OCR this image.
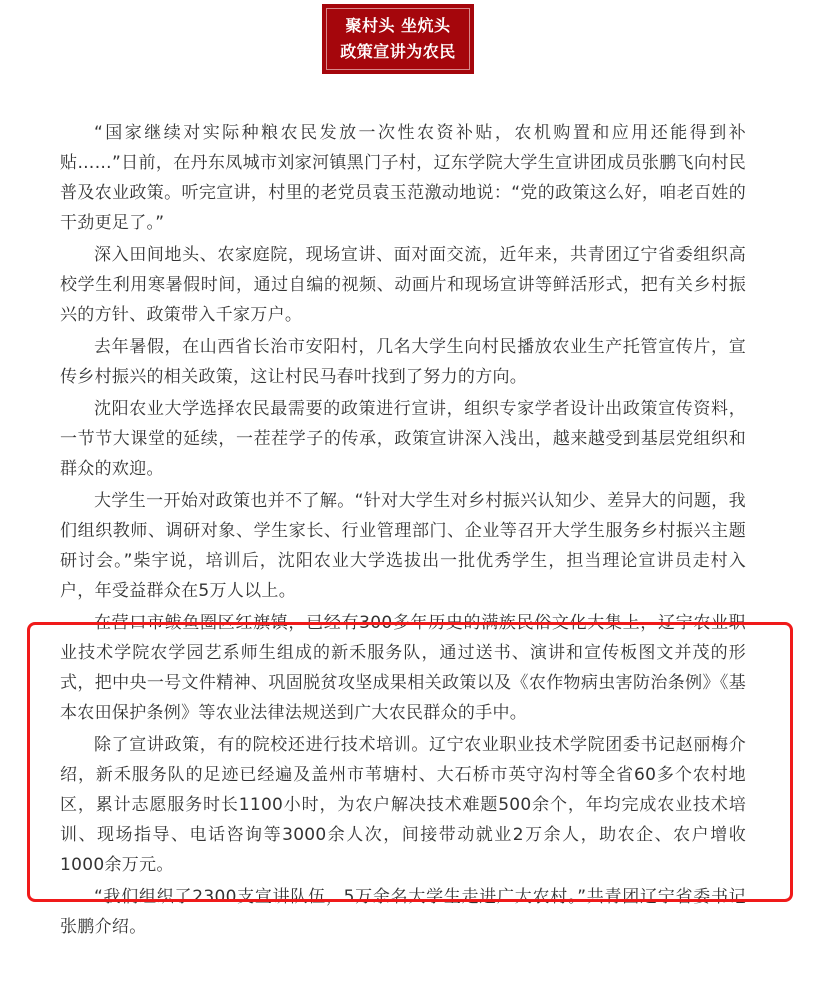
聚村头 坐炕头
政策宣讲为农民

“国家继续对实际种粮农民发放一次性农资补贴，农机购置和应用还能得到补贴……”日前，在丹东凤城市刘家河镇黑门子村，辽东学院大学生宣讲团成员张鹏飞向村民普及农业政策。听完宣讲，村里的老党员袁玉范激动地说：“党的政策这么好，咱老百姓的干劲更足了。”

深入田间地头、农家庭院，现场宣讲、面对面交流，近年来，共青团辽宁省委组织高校学生利用寒暑假时间，通过自编的视频、动画片和现场宣讲等鲜活形式，把有关乡村振兴的方针、政策带入千家万户。

去年暑假，在山西省长治市安阳村，几名大学生向村民播放农业生产托管宣传片，宣传乡村振兴的相关政策，这让村民马春叶找到了努力的方向。

沈阳农业大学选择农民最需要的政策进行宣讲，组织专家学者设计出政策宣传资料，一节节大课堂的延续，一茬茬学子的传承，政策宣讲深入浅出，越来越受到基层党组织和群众的欢迎。

大学生一开始对政策也并不了解。“针对大学生对乡村振兴认知少、差异大的问题，我们组织教师、调研对象、学生家长、行业管理部门、企业等召开大学生服务乡村振兴主题研讨会。”柴宇说，培训后，沈阳农业大学选拔出一批优秀学生，担当理论宣讲员走村入户，年受益群众在5万人以上。

在营口市鲅鱼圈区红旗镇，已经有300多年历史的满族民俗文化大集上，辽宁农业职业技术学院农学园艺系师生组成的新禾服务队，通过送书、演讲和宣传板图文并茂的形式，把中央一号文件精神、巩固脱贫攻坚成果相关政策以及《农作物病虫害防治条例》《基本农田保护条例》等农业法律法规送到广大农民群众的手中。

除了宣讲政策，有的院校还进行技术培训。辽宁农业职业技术学院团委书记赵丽梅介绍，新禾服务队的足迹已经遍及盖州市苇塘村、大石桥市英守沟村等全省60多个农村地区，累计志愿服务时长1100小时，为农户解决技术难题500余个，年均完成农业技术培训、现场指导、电话咨询等3000余人次，间接带动就业2万余人，助农企、农户增收1000余万元。

“我们组织了2300支宣讲队伍，5万余名大学生走进广大农村。”共青团辽宁省委书记张鹏介绍。
